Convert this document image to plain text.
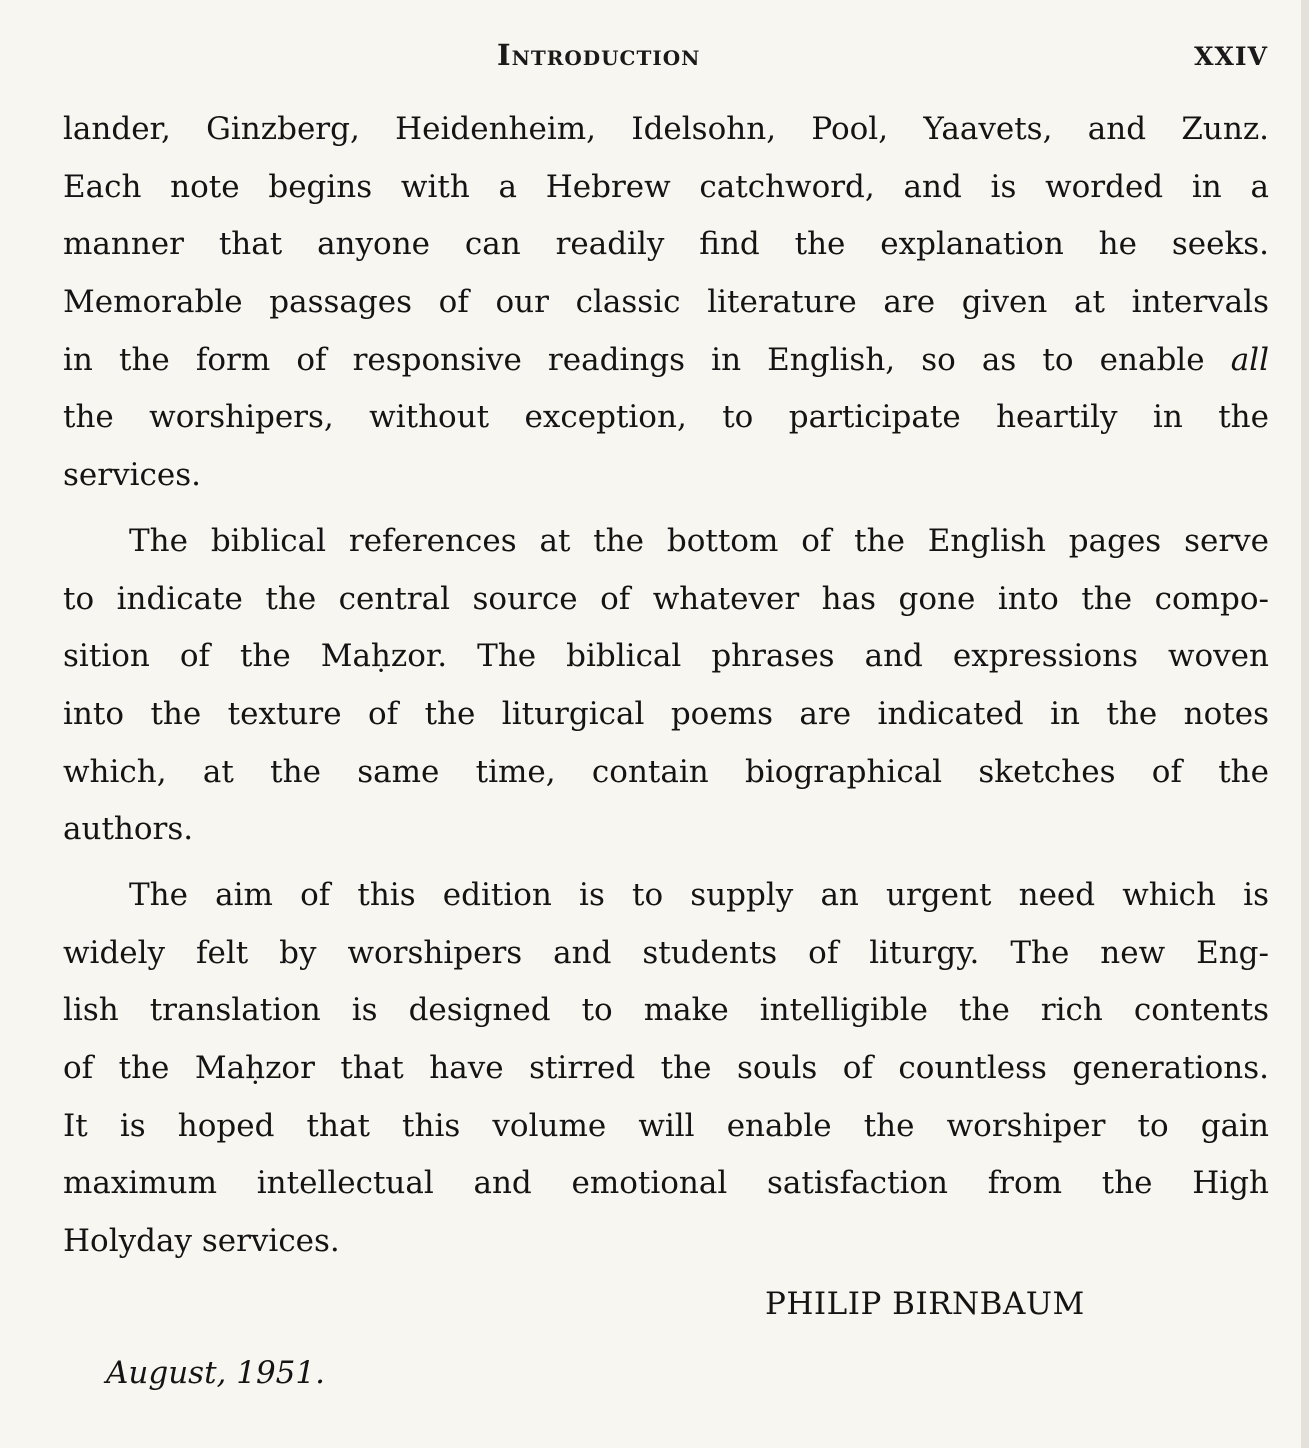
Introduction	XXIV
lander, Ginzberg, Heidenheim, Idelsohn, Pool, Yaavets, and Zunz.
Each note begins with a Hebrew catchword, and is worded in a
manner that anyone can readily find the explanation he seeks.
Memorable passages of our classic literature are given at intervals
in the form of responsive readings in English, so as to enable all
the worshipers, without exception, to participate heartily in the
services.
The biblical references at the bottom of the English pages serve
to indicate the central source of whatever has gone into the compo-
sition of the Maḥzor. The biblical phrases and expressions woven
into the texture of the liturgical poems are indicated in the notes
which, at the same time, contain biographical sketches of the
authors.
The aim of this edition is to supply an urgent need which is
widely felt by worshipers and students of liturgy. The new Eng-
lish translation is designed to make intelligible the rich contents
of the Maḥzor that have stirred the souls of countless generations.
It is hoped that this volume will enable the worshiper to gain
maximum intellectual and emotional satisfaction from the High
Holyday services.
PHILIP BIRNBAUM
August, 1951.
